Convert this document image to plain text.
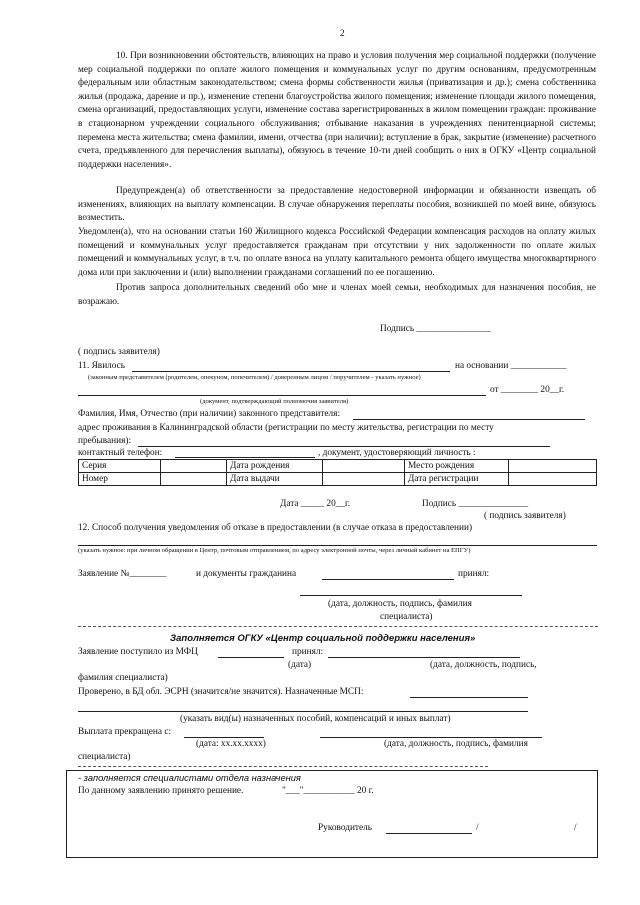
2
10. При возникновении обстоятельств, влияющих на право и условия получения мер социальной поддержки (получение мер социальной поддержки по оплате жилого помещения и коммунальных услуг по другим основаниям, предусмотренным федеральным или областным законодательством; смена формы собственности жилья (приватизация и др.); смена собственника жилья (продажа, дарение и пр.), изменение степени благоустройства жилого помещения; изменение площади жилого помещения, смена организаций, предоставляющих услуги, изменение состава зарегистрированных в жилом помещении граждан: проживание в стационарном учреждении социального обслуживания; отбывание наказания в учреждениях пенитенциарной системы; перемена места жительства; смена фамилии, имени, отчества (при наличии); вступление в брак, закрытие (изменение) расчетного счета, предъявленного для перечисления выплаты), обязуюсь в течение 10-ти дней сообщить о них в ОГКУ «Центр социальной поддержки населения».
Предупрежден(а) об ответственности за предоставление недостоверной информации и обязанности извещать об изменениях, влияющих на выплату компенсации. В случае обнаружения переплаты пособия, возникшей по моей вине, обязуюсь возместить.
Уведомлен(а), что на основании статьи 160 Жилищного кодекса Российской Федерации компенсация расходов на оплату жилых помещений и коммунальных услуг предоставляется гражданам при отсутствии у них задолженности по оплате жилых помещений и коммунальных услуг, в т.ч. по оплате взноса на уплату капитального ремонта общего имущества многоквартирного дома или при заключении и (или) выполнении гражданами соглашений по ее погашению.
Против запроса дополнительных сведений обо мне и членах моей семьи, необходимых для назначения пособия, не возражаю.
Подпись ________________
( подпись заявителя)
11. Явилось	на основании ____________
(законным представителем (родителем, опекуном, попечителем) / доверенным лицом / поручителем - указать нужное)
от ________ 20__г.
(документ, подтверждающий полномочия заявителя)
Фамилия, Имя, Отчество (при наличии) законного представителя:
адрес проживания в Калининградской области (регистрации по месту жительства, регистрации по месту
пребывания):
контактный телефон:	, документ, удостоверяющий личность :
Серия		Дата рождения		Место рождения	
Номер		Дата выдачи		Дата регистрации	
Дата _____ 20__г.	Подпись _______________
( подпись заявителя)
12. Способ получения уведомления об отказе в предоставлении (в случае отказа в предоставлении)
(указать нужное: при личном обращении в Центр, почтовым отправлением, по адресу электронной почты, через личный кабинет на ЕПГУ)
Заявление №________	и документы гражданина	принял:
(дата, должность, подпись, фамилия
специалиста)
Заполняется ОГКУ «Центр социальной поддержки населения»
Заявление поступило из МФЦ	принял:
(дата)	(дата, должность, подпись,
фамилия специалиста)
Проверено, в БД обл. ЭСРН (значится/не значится). Назначенные МСП:
(указать вид(ы) назначенных пособий, компенсаций и иных выплат)
Выплата прекращена с:
(дата: хх.хх.хххх)	(дата, должность, подпись, фамилия
специалиста)
- заполняется специалистами отдела назначения
По данному заявлению принято решение.	"___"___________ 20 г.
Руководитель	/	/
